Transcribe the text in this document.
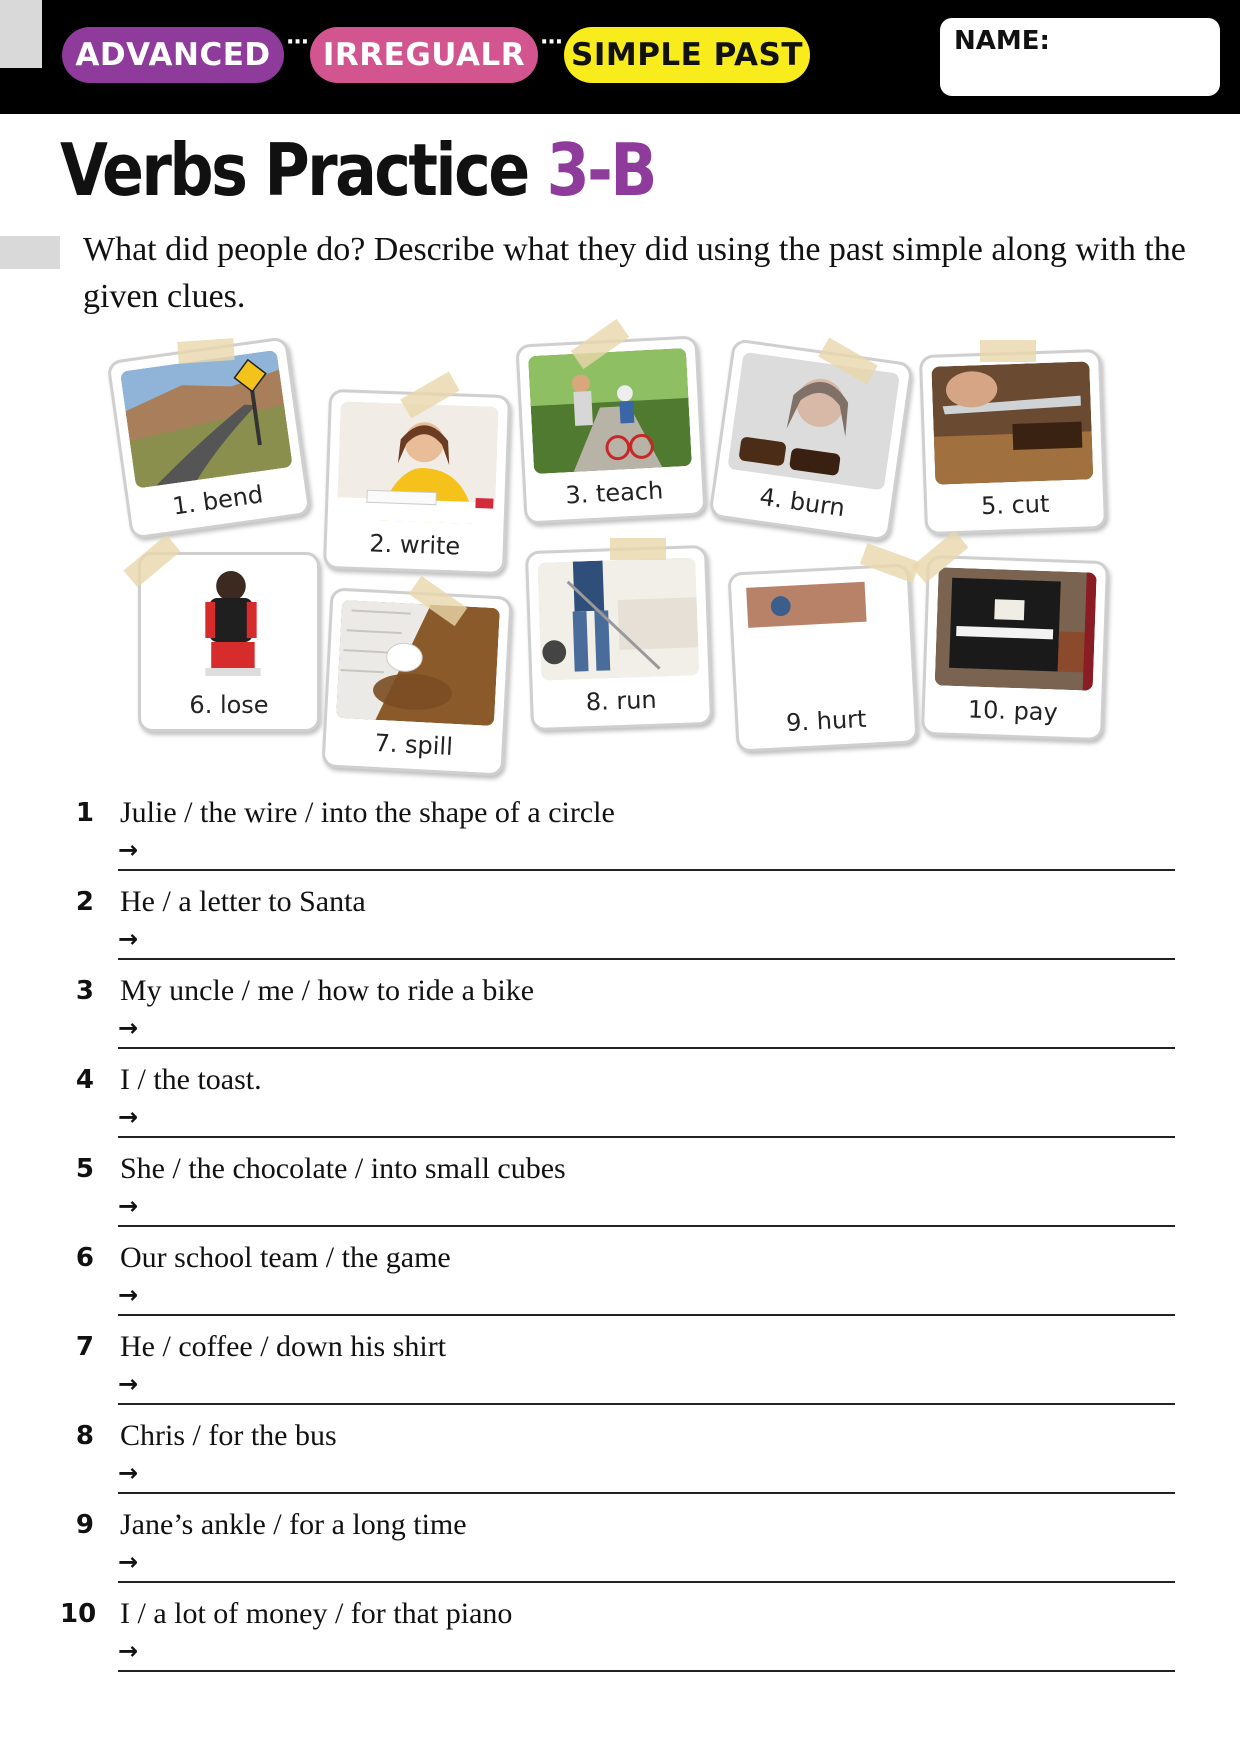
ADVANCED ··· IRREGUALR ··· SIMPLE PAST	NAME:
Verbs Practice 3-B
What did people do? Describe what they did using the past simple along with the given clues.
1. bend
2. write
3. teach	4. burn	5. cut
6. lose
7. spill
8. run
9. hurt	10. pay
1 Julie / the wire / into the shape of a circle
→
2 He / a letter to Santa
→
3 My uncle / me / how to ride a bike
→
4 I / the toast.
→
5 She / the chocolate / into small cubes
→
6 Our school team / the game
→
7 He / coffee / down his shirt
→
8 Chris / for the bus
→
9 Jane’s ankle / for a long time
→
10 I / a lot of money / for that piano
→
